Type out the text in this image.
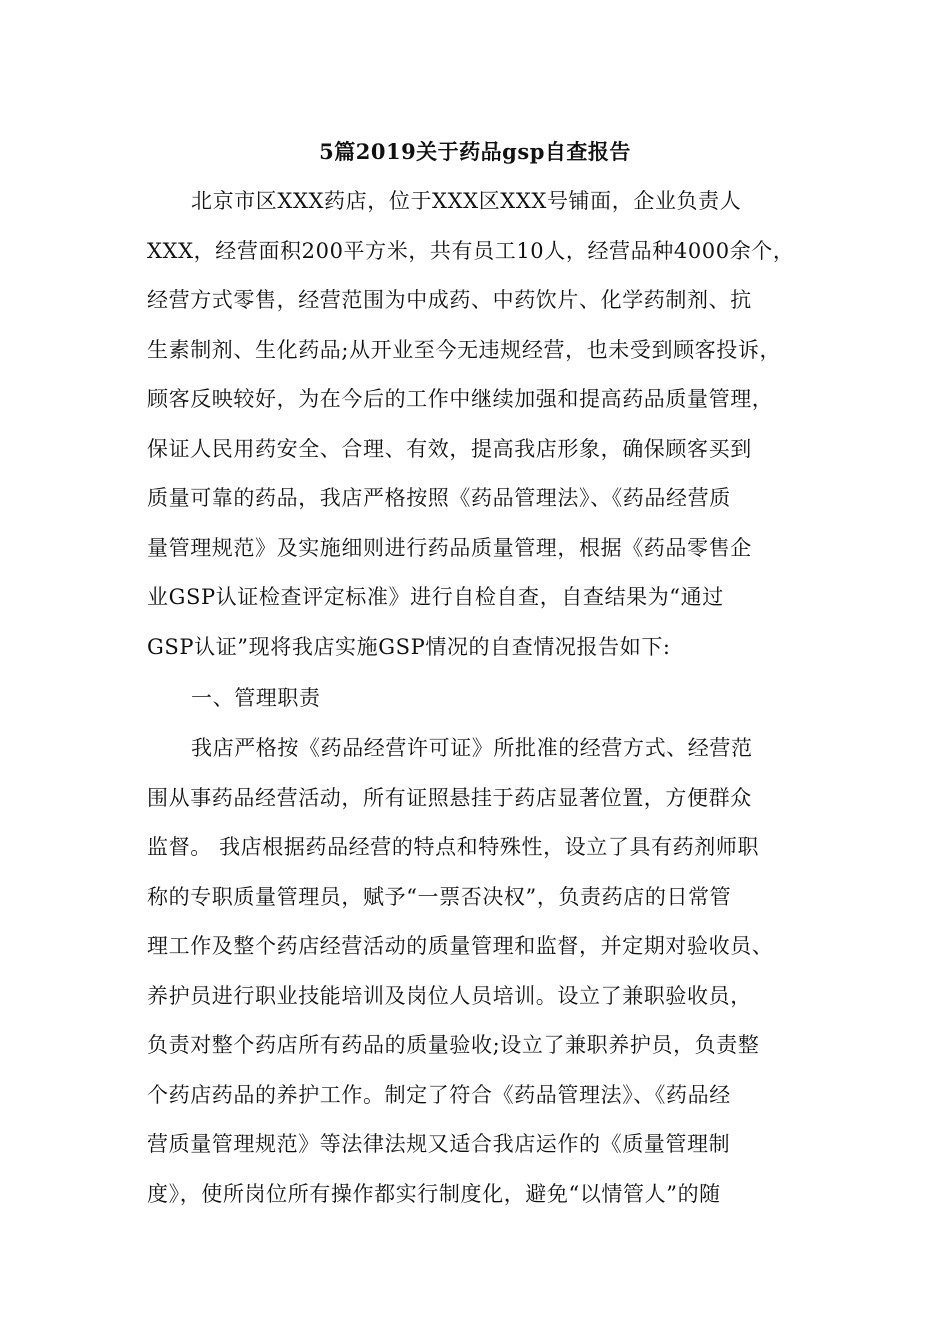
5篇2019关于药品gsp自查报告
北京市区XXX药店，位于XXX区XXX号铺面，企业负责人
XXX，经营面积200平方米，共有员工10人，经营品种4000余个，
经营方式零售，经营范围为中成药、中药饮片、化学药制剂、抗
生素制剂、生化药品;从开业至今无违规经营，也未受到顾客投诉，
顾客反映较好，为在今后的工作中继续加强和提高药品质量管理，
保证人民用药安全、合理、有效，提高我店形象，确保顾客买到
质量可靠的药品，我店严格按照《药品管理法》、《药品经营质
量管理规范》及实施细则进行药品质量管理，根据《药品零售企
业GSP认证检查评定标准》进行自检自查，自查结果为“通过
GSP认证”现将我店实施GSP情况的自查情况报告如下:
一、管理职责
我店严格按《药品经营许可证》所批准的经营方式、经营范
围从事药品经营活动，所有证照悬挂于药店显著位置，方便群众
监督。 我店根据药品经营的特点和特殊性，设立了具有药剂师职
称的专职质量管理员，赋予“一票否决权”，负责药店的日常管
理工作及整个药店经营活动的质量管理和监督，并定期对验收员、
养护员进行职业技能培训及岗位人员培训。设立了兼职验收员，
负责对整个药店所有药品的质量验收;设立了兼职养护员，负责整
个药店药品的养护工作。制定了符合《药品管理法》、《药品经
营质量管理规范》等法律法规又适合我店运作的《质量管理制
度》，使所岗位所有操作都实行制度化，避免“以情管人”的随
